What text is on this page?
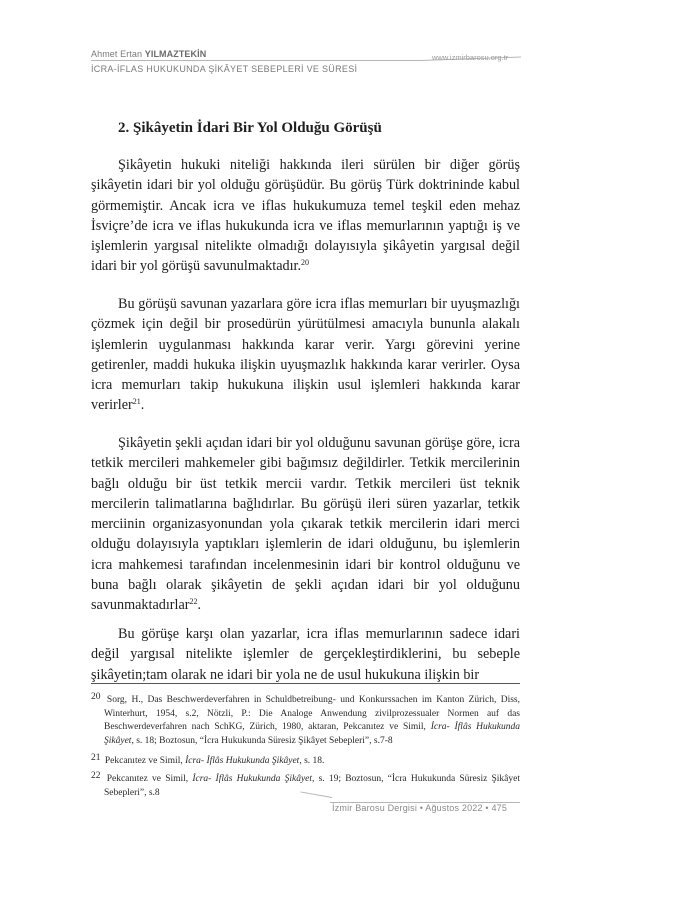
Ahmet Ertan YILMAZTEKİN
İCRA-İFLAS HUKUKUNDA ŞİKÂYET SEBEPLERİ VE SÜRESİ
www.izmirbarosu.org.tr
2. Şikâyetin İdari Bir Yol Olduğu Görüşü
Şikâyetin hukuki niteliği hakkında ileri sürülen bir diğer görüş şikâyetin idari bir yol olduğu görüşüdür. Bu görüş Türk doktrininde kabul görmemiştir. Ancak icra ve iflas hukukumuza temel teşkil eden mehaz İsviçre’de icra ve iflas hukukunda icra ve iflas memurlarının yaptığı iş ve işlemlerin yargısal nitelikte olmadığı dolayısıyla şikâyetin yargısal değil idari bir yol görüşü savunulmaktadır.$^{20}$
Bu görüşü savunan yazarlara göre icra iflas memurları bir uyuşmazlığı çözmek için değil bir prosedürün yürütülmesi amacıyla bununla alakalı işlemlerin uygulanması hakkında karar verir. Yargı görevini yerine getirenler, maddi hukuka ilişkin uyuşmazlık hakkında karar verirler. Oysa icra memurları takip hukukuna ilişkin usul işlemleri hakkında karar verirler$^{21}$.
Şikâyetin şekli açıdan idari bir yol olduğunu savunan görüşe göre, icra tetkik mercileri mahkemeler gibi bağımsız değildirler. Tetkik mercilerinin bağlı olduğu bir üst tetkik mercii vardır. Tetkik mercileri üst teknik mercilerin talimatlarına bağlıdırlar. Bu görüşü ileri süren yazarlar, tetkik merciinin organizasyonundan yola çıkarak tetkik mercilerin idari merci olduğu dolayısıyla yaptıkları işlemlerin de idari olduğunu, bu işlemlerin icra mahkemesi tarafından incelenmesinin idari bir kontrol olduğunu ve buna bağlı olarak şikâyetin de şekli açıdan idari bir yol olduğunu savunmaktadırlar$^{22}$.
Bu görüşe karşı olan yazarlar, icra iflas memurlarının sadece idari değil yargısal nitelikte işlemler de gerçekleştirdiklerini, bu sebeple şikâyetin;tam olarak ne idari bir yola ne de usul hukukuna ilişkin bir
20 Sorg, H., Das Beschwerdeverfahren in Schuldbetreibung- und Konkurssachen im Kanton Zürich, Diss, Winterhurt, 1954, s.2, Nötzli, P.: Die Analoge Anwendung zivilprozessualer Normen auf das Beschwerdeverfahren nach SchKG, Zürich, 1980, aktaran, Pekcanıtez ve Simil, İcra- İflâs Hukukunda Şikâyet, s. 18; Boztosun, “İcra Hukukunda Süresiz Şikâyet Sebepleri”, s.7-8
21 Pekcanıtez ve Simil, İcra- İflâs Hukukunda Şikâyet, s. 18.
22 Pekcanıtez ve Simil, İcra- İflâs Hukukunda Şikâyet, s. 19; Boztosun, “İcra Hukukunda Süresiz Şikâyet Sebepleri”, s.8
İzmir Barosu Dergisi • Ağustos 2022 • 475
